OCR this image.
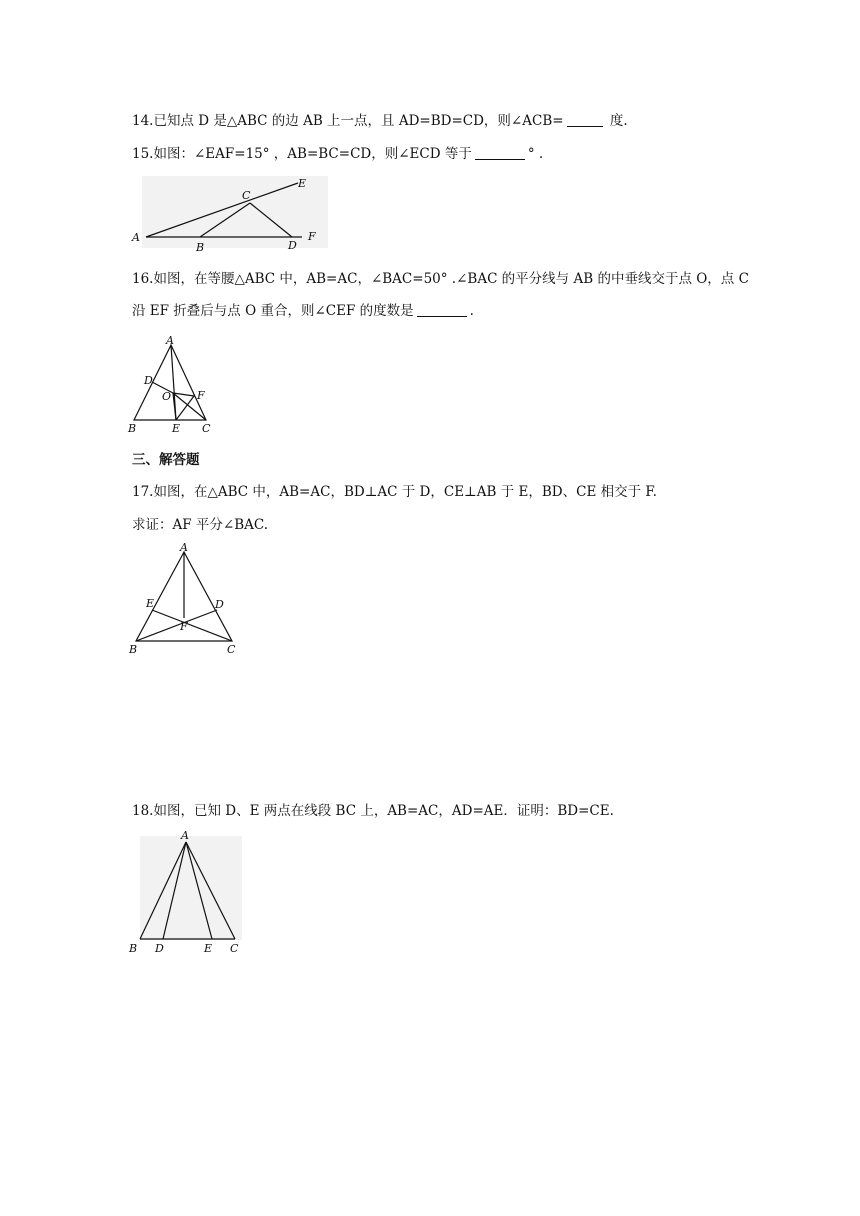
14.已知点 D 是△ABC 的边 AB 上一点，且 AD=BD=CD，则∠ACB=	度.
15.如图：∠EAF=15° ，AB=BC=CD，则∠ECD 等于	° .
A
B
C
D
E
F
16.如图，在等腰△ABC 中，AB=AC，∠BAC=50° .∠BAC 的平分线与 AB 的中垂线交于点 O，点 C
沿 EF 折叠后与点 O 重合，则∠CEF 的度数是	.
A
D
O F
B	E C
三、解答题
17.如图，在△ABC 中，AB=AC，BD⊥AC 于 D，CE⊥AB 于 E，BD、CE 相交于 F.
求证：AF 平分∠BAC.
A
E	D
F
B	C
18.如图，已知 D、E 两点在线段 BC 上，AB=AC，AD=AE．证明：BD=CE.
A
B D	E C
